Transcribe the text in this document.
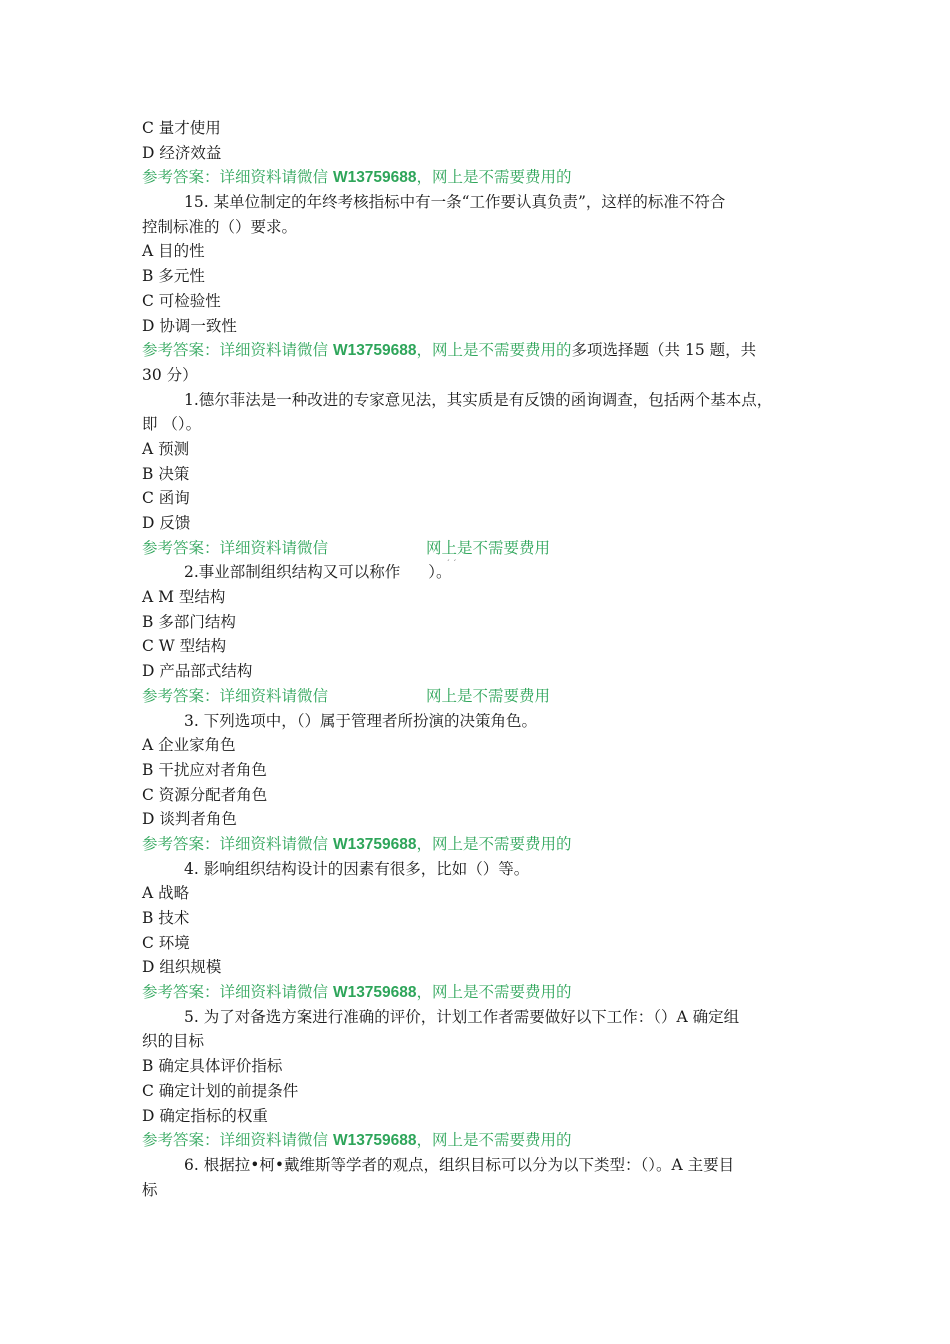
C 量才使用
D 经济效益
参考答案：详细资料请微信 W13759688，网上是不需要费用的
15. 某单位制定的年终考核指标中有一条“工作要认真负责”，这样的标准不符合
控制标准的（）要求。
A 目的性
B 多元性
C 可检验性
D 协调一致性
参考答案：详细资料请微信 W13759688，网上是不需要费用的多项选择题（共 15 题，共
30 分）
1.德尔菲法是一种改进的专家意见法，其实质是有反馈的函询调查，包括两个基本点，
即 （）。
A 预测
B 决策
C 函询
D 反馈
参考答案：详细资料请微信	网上是不需要费用
2.事业部制组织结构又可以称作 ）。
´ ´
A M 型结构
B 多部门结构
C W 型结构
D 产品部式结构
参考答案：详细资料请微信	网上是不需要费用
3. 下列选项中，（）属于管理者所扮演的决策角色。
A 企业家角色
B 干扰应对者角色
C 资源分配者角色
D 谈判者角色
参考答案：详细资料请微信 W13759688，网上是不需要费用的
4. 影响组织结构设计的因素有很多，比如（）等。
A 战略
B 技术
C 环境
D 组织规模
参考答案：详细资料请微信 W13759688，网上是不需要费用的
5. 为了对备选方案进行准确的评价，计划工作者需要做好以下工作：（）A 确定组
织的目标
B 确定具体评价指标
C 确定计划的前提条件
D 确定指标的权重
参考答案：详细资料请微信 W13759688，网上是不需要费用的
6. 根据拉•柯•戴维斯等学者的观点，组织目标可以分为以下类型：（）。A 主要目
标
